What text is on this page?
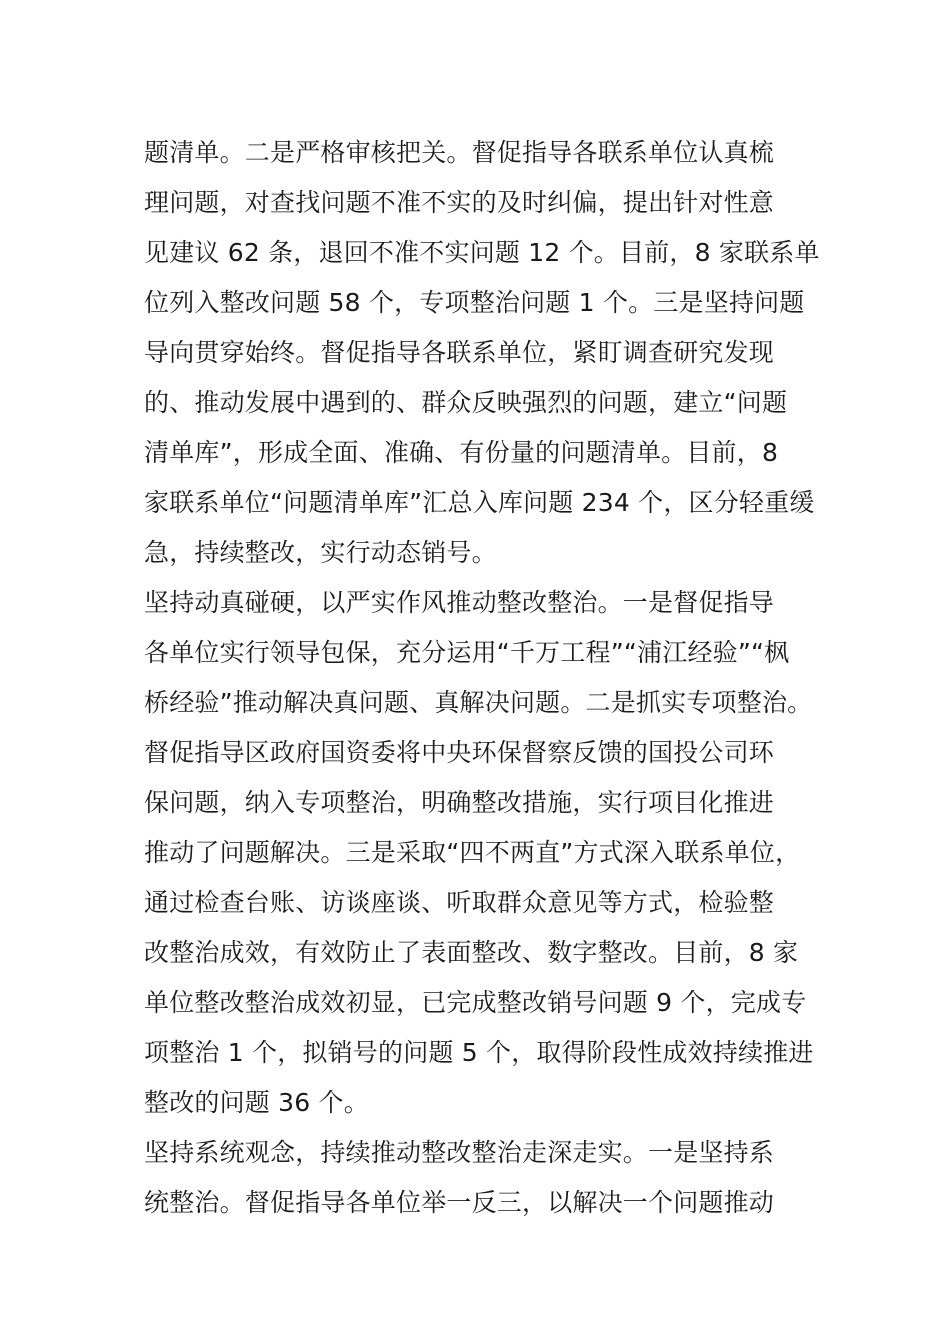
题清单。二是严格审核把关。督促指导各联系单位认真梳
理问题，对查找问题不准不实的及时纠偏，提出针对性意
见建议 62 条，退回不准不实问题 12 个。目前，8 家联系单
位列入整改问题 58 个，专项整治问题 1 个。三是坚持问题
导向贯穿始终。督促指导各联系单位，紧盯调查研究发现
的、推动发展中遇到的、群众反映强烈的问题，建立“问题
清单库”，形成全面、准确、有份量的问题清单。目前，8
家联系单位“问题清单库”汇总入库问题 234 个，区分轻重缓
急，持续整改，实行动态销号。
坚持动真碰硬，以严实作风推动整改整治。一是督促指导
各单位实行领导包保，充分运用“千万工程”“浦江经验”“枫
桥经验”推动解决真问题、真解决问题。二是抓实专项整治。
督促指导区政府国资委将中央环保督察反馈的国投公司环
保问题，纳入专项整治，明确整改措施，实行项目化推进
推动了问题解决。三是采取“四不两直”方式深入联系单位，
通过检查台账、访谈座谈、听取群众意见等方式，检验整
改整治成效，有效防止了表面整改、数字整改。目前，8 家
单位整改整治成效初显，已完成整改销号问题 9 个，完成专
项整治 1 个，拟销号的问题 5 个，取得阶段性成效持续推进
整改的问题 36 个。
坚持系统观念，持续推动整改整治走深走实。一是坚持系
统整治。督促指导各单位举一反三，以解决一个问题推动
